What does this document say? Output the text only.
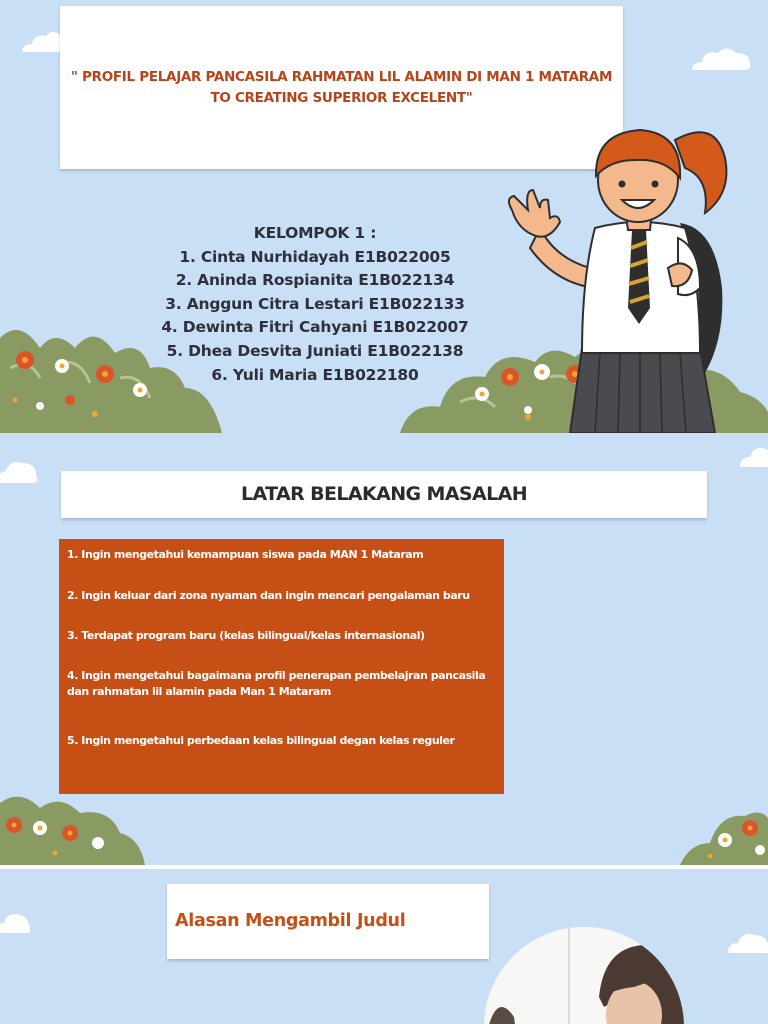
" PROFIL PELAJAR PANCASILA RAHMATAN LIL ALAMIN DI MAN 1 MATARAM TO CREATING SUPERIOR EXCELENT"
KELOMPOK 1 :
1. Cinta Nurhidayah E1B022005
2. Aninda Rospianita E1B022134
3. Anggun Citra Lestari E1B022133
4. Dewinta Fitri Cahyani E1B022007
5. Dhea Desvita Juniati E1B022138
6. Yuli Maria E1B022180
LATAR BELAKANG MASALAH

1. Ingin mengetahui kemampuan siswa pada MAN 1 Mataram

2. Ingin keluar dari zona nyaman dan ingin mencari pengalaman baru

3. Terdapat program baru (kelas bilingual/kelas internasional)

4. Ingin mengetahui bagaimana profil penerapan pembelajran pancasila dan rahmatan lil alamin pada Man 1 Mataram

5. Ingin mengetahui perbedaan kelas bilingual degan kelas reguler

Alasan Mengambil Judul
